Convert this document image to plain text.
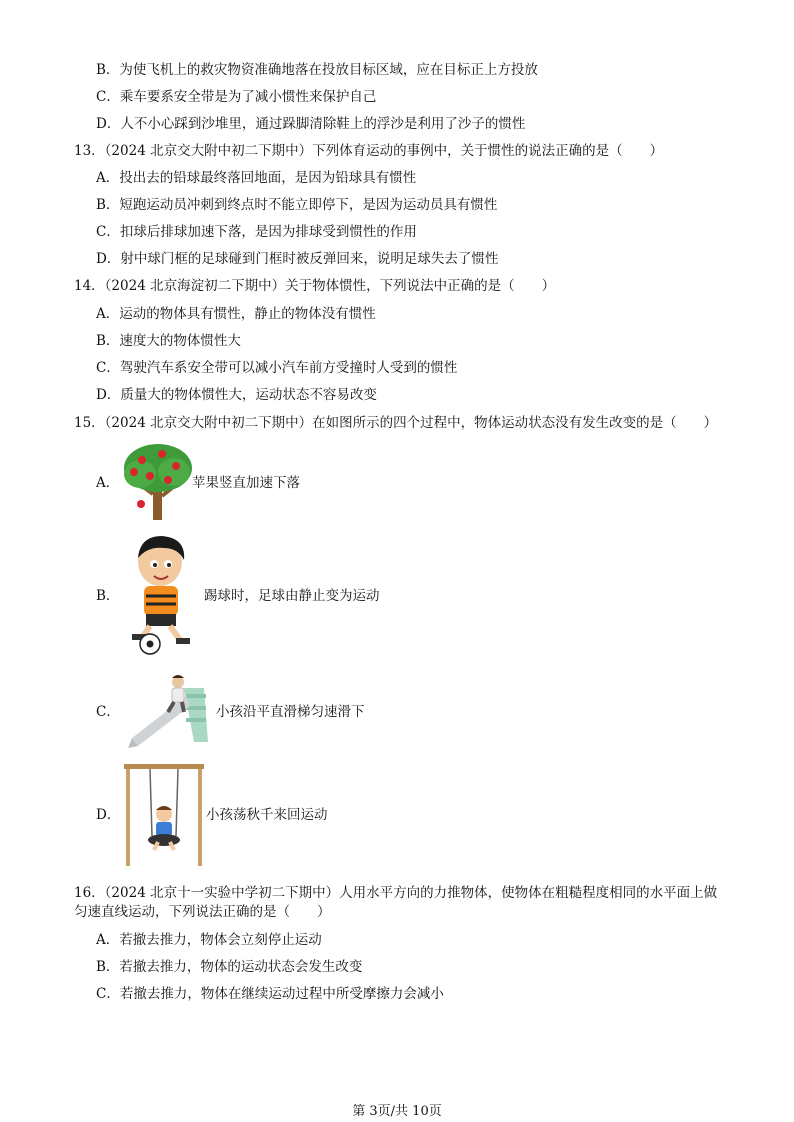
B．为使飞机上的救灾物资准确地落在投放目标区域，应在目标正上方投放
C．乘车要系安全带是为了减小惯性来保护自己
D．人不小心踩到沙堆里，通过跺脚清除鞋上的浮沙是利用了沙子的惯性
13．（2024 北京交大附中初二下期中）下列体育运动的事例中，关于惯性的说法正确的是（　　）
A．投出去的铅球最终落回地面，是因为铅球具有惯性
B．短跑运动员冲刺到终点时不能立即停下，是因为运动员具有惯性
C．扣球后排球加速下落，是因为排球受到惯性的作用
D．射中球门框的足球碰到门框时被反弹回来，说明足球失去了惯性
14．（2024 北京海淀初二下期中）关于物体惯性，下列说法中正确的是（　　）
A．运动的物体具有惯性，静止的物体没有惯性
B．速度大的物体惯性大
C．驾驶汽车系安全带可以减小汽车前方受撞时人受到的惯性
D．质量大的物体惯性大，运动状态不容易改变
15．（2024 北京交大附中初二下期中）在如图所示的四个过程中，物体运动状态没有发生改变的是（　　）
A．	苹果竖直加速下落
B．	踢球时，足球由静止变为运动
C．	小孩沿平直滑梯匀速滑下
D．	小孩荡秋千来回运动
16．（2024 北京十一实验中学初二下期中）人用水平方向的力推物体，使物体在粗糙程度相同的水平面上做
匀速直线运动，下列说法正确的是（　　）
A．若撤去推力，物体会立刻停止运动
B．若撤去推力，物体的运动状态会发生改变
C．若撤去推力，物体在继续运动过程中所受摩擦力会减小
第 3页/共 10页
